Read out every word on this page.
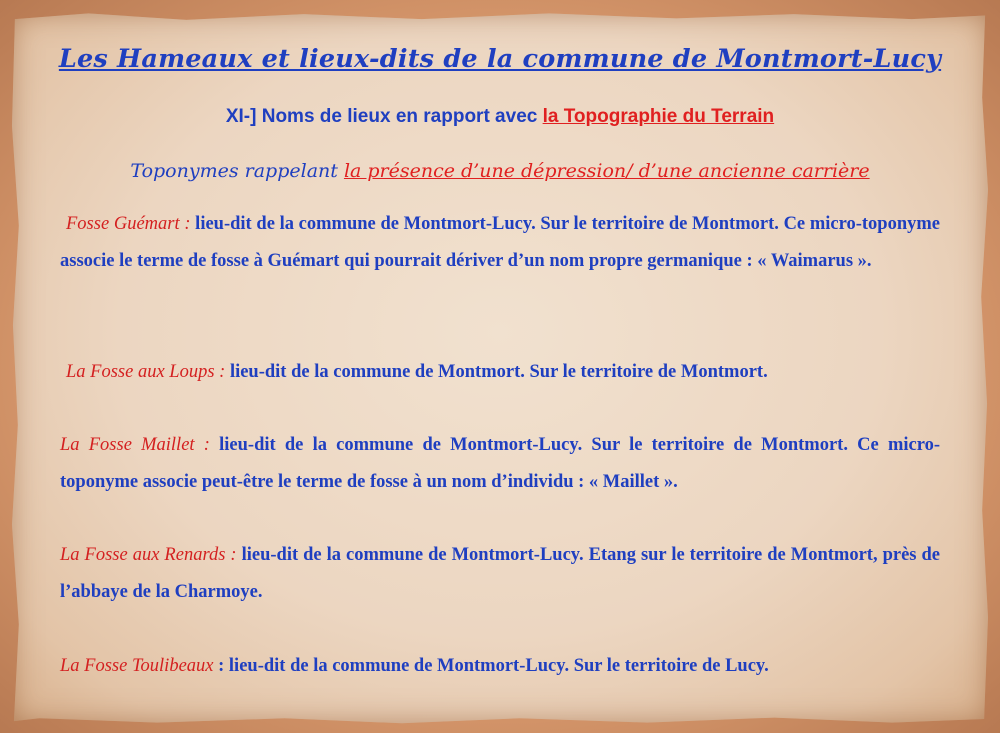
Les Hameaux et lieux-dits de la commune de Montmort-Lucy
XI-] Noms de lieux en rapport avec la Topographie du Terrain
Toponymes rappelant la présence d’une dépression/ d’une ancienne carrière
Fosse Guémart : lieu-dit de la commune de Montmort-Lucy. Sur le territoire de Montmort. Ce micro-toponyme associe le terme de fosse à Guémart qui pourrait dériver d’un nom propre germanique : « Waimarus ».
La Fosse aux Loups : lieu-dit de la commune de Montmort. Sur le territoire de Montmort.
La Fosse Maillet : lieu-dit de la commune de Montmort-Lucy. Sur le territoire de Montmort. Ce micro-toponyme associe peut-être le terme de fosse à un nom d’individu : « Maillet ».
La Fosse aux Renards : lieu-dit de la commune de Montmort-Lucy. Etang sur le territoire de Montmort, près de l’abbaye de la Charmoye.
La Fosse Toulibeaux : lieu-dit de la commune de Montmort-Lucy. Sur le territoire de Lucy.
